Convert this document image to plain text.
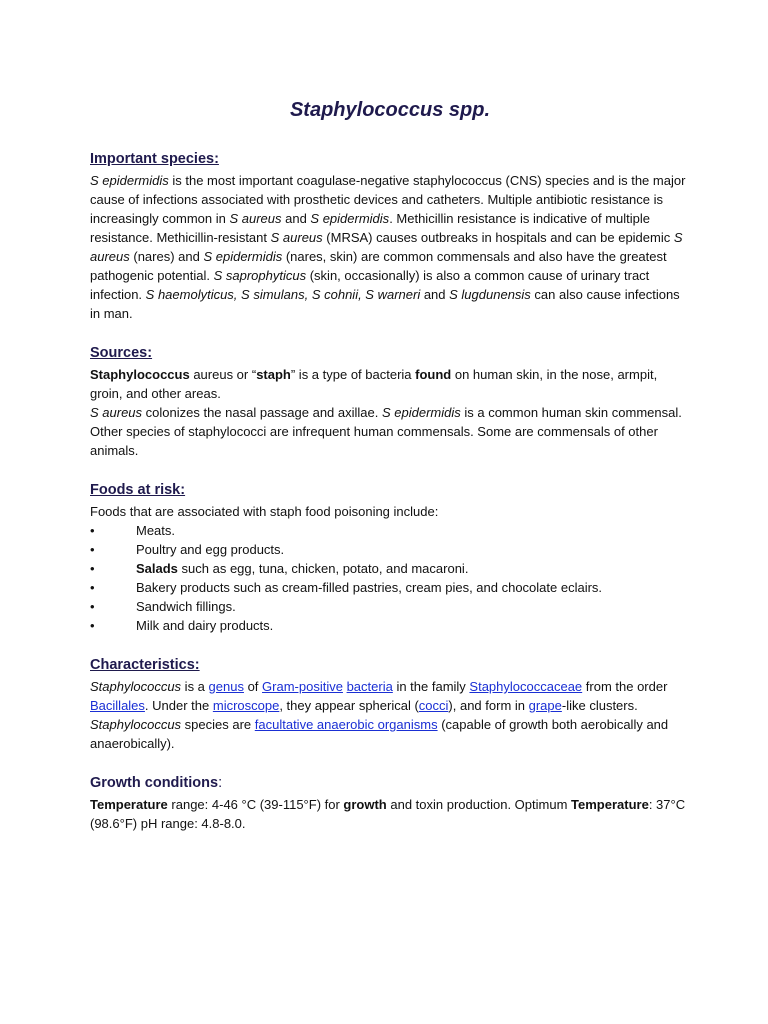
Staphylococcus spp.
Important species:

S epidermidis is the most important coagulase-negative staphylococcus (CNS) species and is the major cause of infections associated with prosthetic devices and catheters. Multiple antibiotic resistance is increasingly common in S aureus and S epidermidis. Methicillin resistance is indicative of multiple resistance. Methicillin-resistant S aureus (MRSA) causes outbreaks in hospitals and can be epidemic S aureus (nares) and S epidermidis (nares, skin) are common commensals and also have the greatest pathogenic potential. S saprophyticus (skin, occasionally) is also a common cause of urinary tract infection. S haemolyticus, S simulans, S cohnii, S warneri and S lugdunensis can also cause infections in man.

Sources:

Staphylococcus aureus or “staph” is a type of bacteria found on human skin, in the nose, armpit, groin, and other areas.

S aureus colonizes the nasal passage and axillae. S epidermidis is a common human skin commensal. Other species of staphylococci are infrequent human commensals. Some are commensals of other animals.

Foods at risk:

Foods that are associated with staph food poisoning include:

•	Meats.
•	Poultry and egg products.
•	Salads such as egg, tuna, chicken, potato, and macaroni.
•	Bakery products such as cream-filled pastries, cream pies, and chocolate eclairs.
•	Sandwich fillings.
•	Milk and dairy products.
Characteristics:

Staphylococcus is a genus of Gram-positive bacteria in the family Staphylococcaceae from the order Bacillales. Under the microscope, they appear spherical (cocci), and form in grape-like clusters. Staphylococcus species are facultative anaerobic organisms (capable of growth both aerobically and anaerobically).

Growth conditions:

Temperature range: 4-46 °C (39-115°F) for growth and toxin production. Optimum Temperature: 37°C (98.6°F) pH range: 4.8-8.0.
